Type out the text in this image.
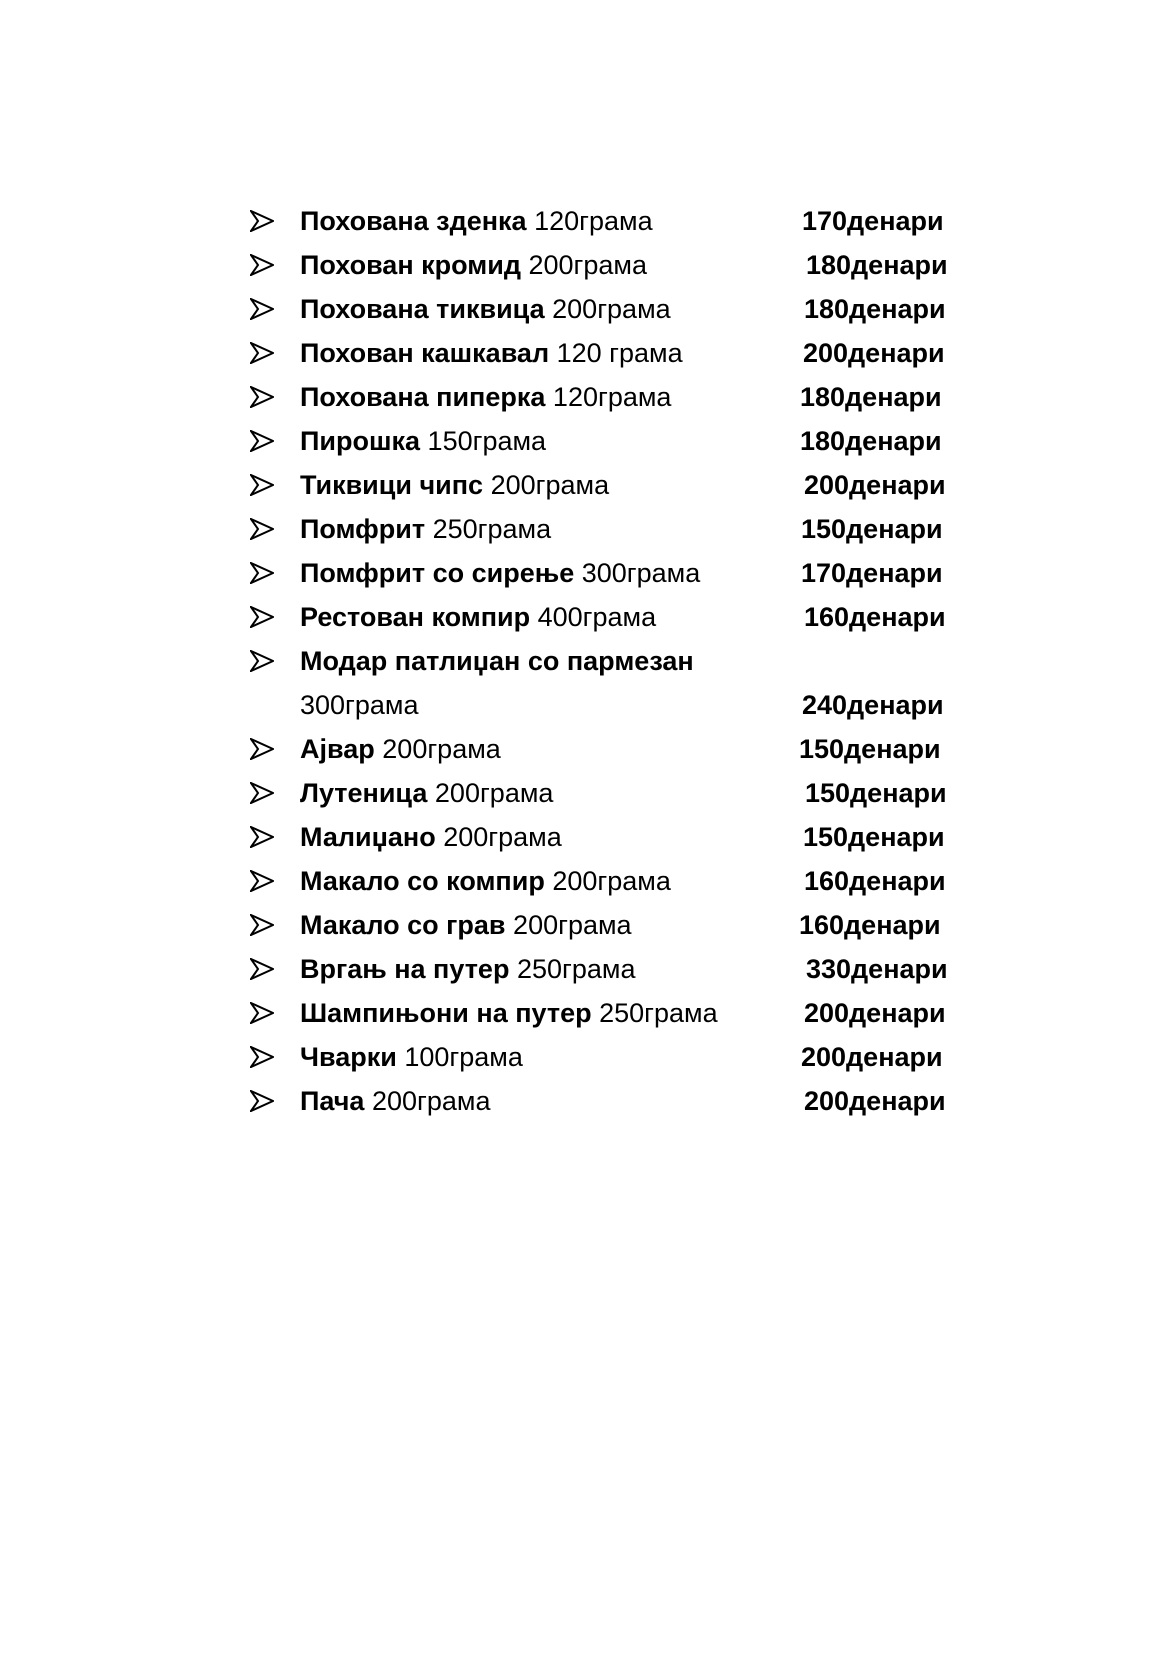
Похована зденка 120грама	170денари
Похован кромид 200грама	180денари
Похована тиквица 200грама	180денари
Похован кашкавал 120 грама	200денари
Похована пиперка 120грама	180денари
Пирошка 150грама	180денари
Тиквици чипс 200грама	200денари
Помфрит 250грама	150денари
Помфрит со сирење 300грама	170денари
Рестован компир 400грама	160денари
Модар патлиџан со пармезан
300грама	240денари
Ајвар 200грама	150денари
Лутеница 200грама	150денари
Малиџано 200грама	150денари
Макало со компир 200грама	160денари
Макало со грав 200грама	160денари
Вргањ на путер 250грама	330денари
Шампињони на путер 250грама	200денари
Чварки 100грама	200денари
Пача 200грама	200денари
